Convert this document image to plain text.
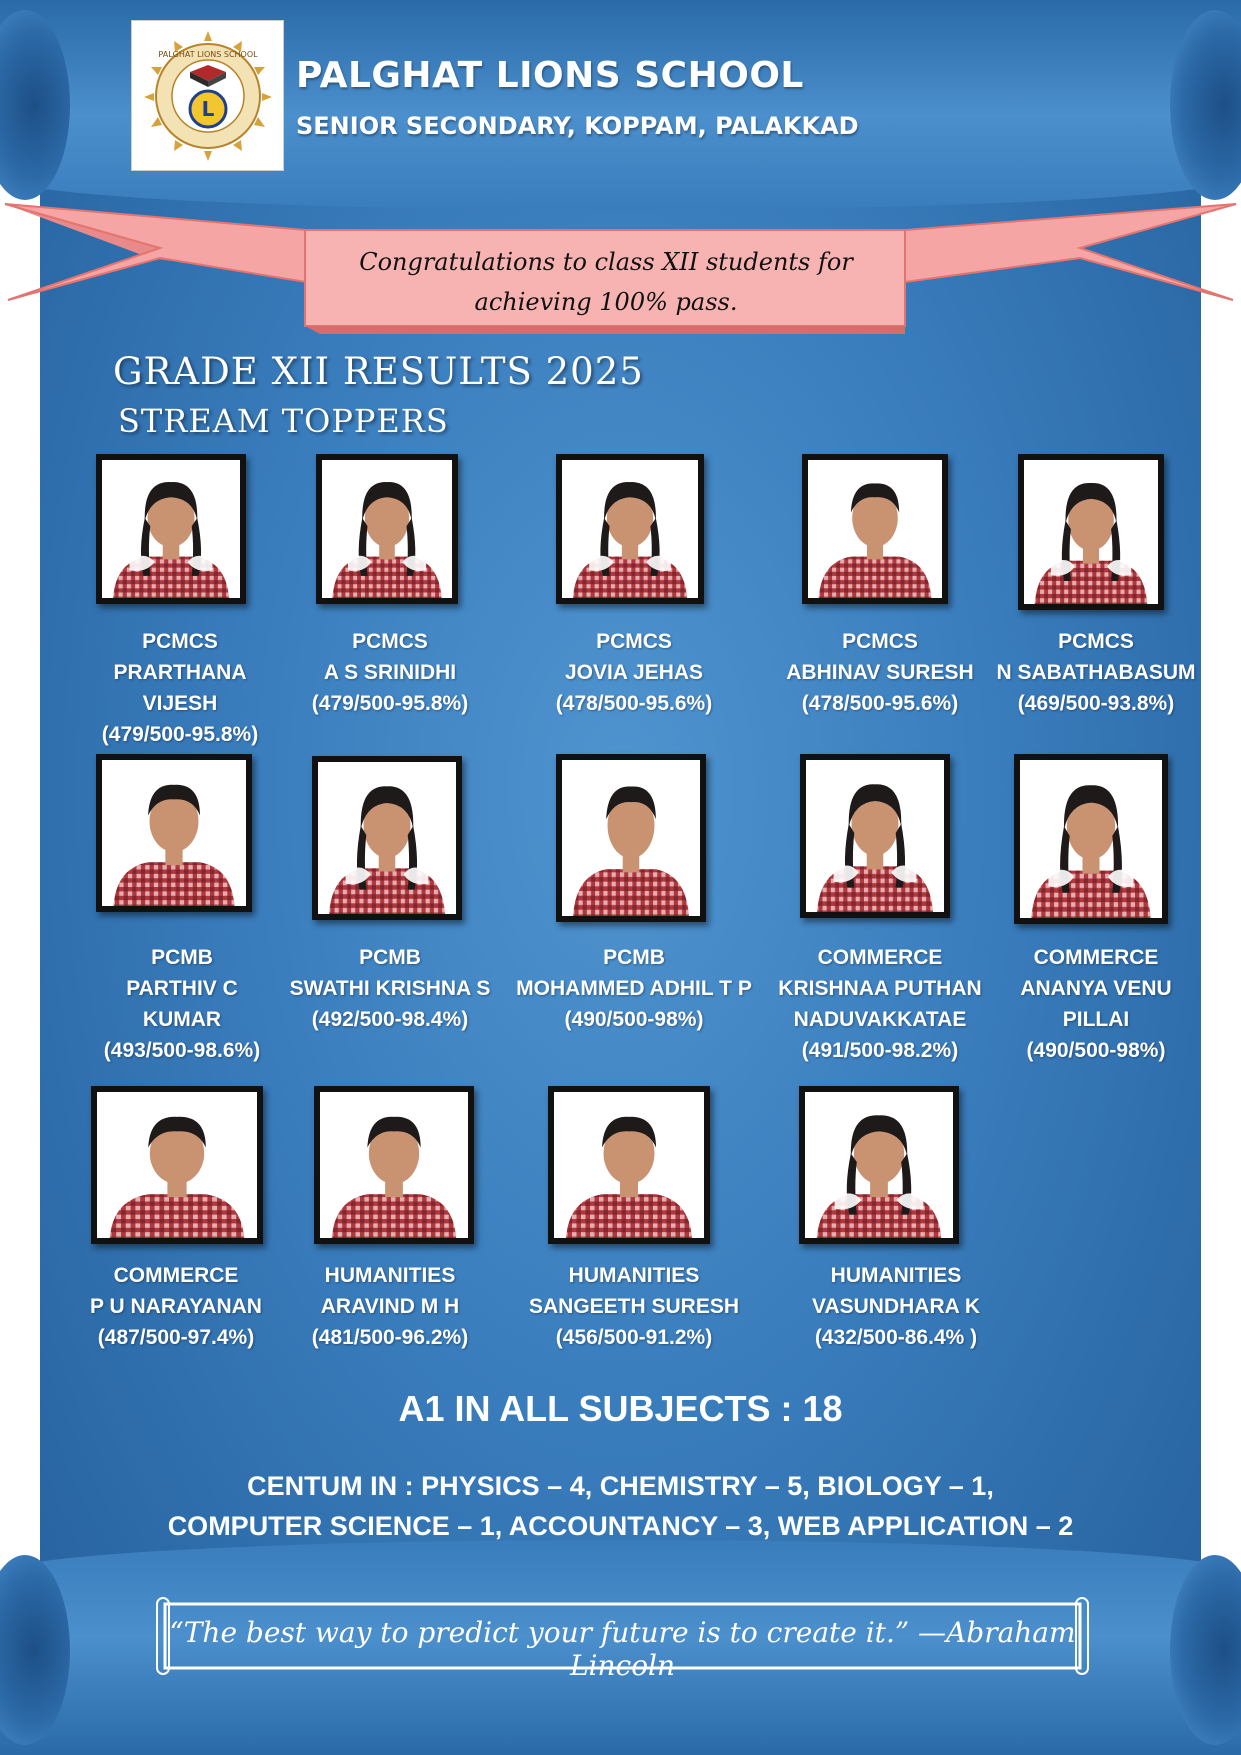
PALGHAT LIONS SCHOOL
L
PALGHAT LIONS SCHOOL
SENIOR SECONDARY, KOPPAM, PALAKKAD
Congratulations to class XII students for
achieving 100% pass.
GRADE XII RESULTS 2025
STREAM TOPPERS
PCMCS
PRARTHANA
VIJESH
(479/500-95.8%)
PCMCS
A S SRINIDHI
(479/500-95.8%)
PCMCS
JOVIA JEHAS
(478/500-95.6%)
PCMCS
ABHINAV SURESH
(478/500-95.6%)
PCMCS
N SABATHABASUM
(469/500-93.8%)
PCMB
PARTHIV C
KUMAR
(493/500-98.6%)
PCMB
SWATHI KRISHNA S
(492/500-98.4%)
PCMB
MOHAMMED ADHIL T P
(490/500-98%)
COMMERCE
KRISHNAA PUTHAN
NADUVAKKATAE
(491/500-98.2%)
COMMERCE
ANANYA VENU
PILLAI
(490/500-98%)
COMMERCE
P U NARAYANAN
(487/500-97.4%)
HUMANITIES
ARAVIND M H
(481/500-96.2%)
HUMANITIES
SANGEETH SURESH
(456/500-91.2%)
HUMANITIES
VASUNDHARA K
(432/500-86.4% )
A1 IN ALL SUBJECTS : 18
CENTUM IN : PHYSICS – 4, CHEMISTRY – 5, BIOLOGY – 1,
COMPUTER SCIENCE – 1, ACCOUNTANCY – 3, WEB APPLICATION – 2
“The best way to predict your future is to create it.” —Abraham Lincoln
